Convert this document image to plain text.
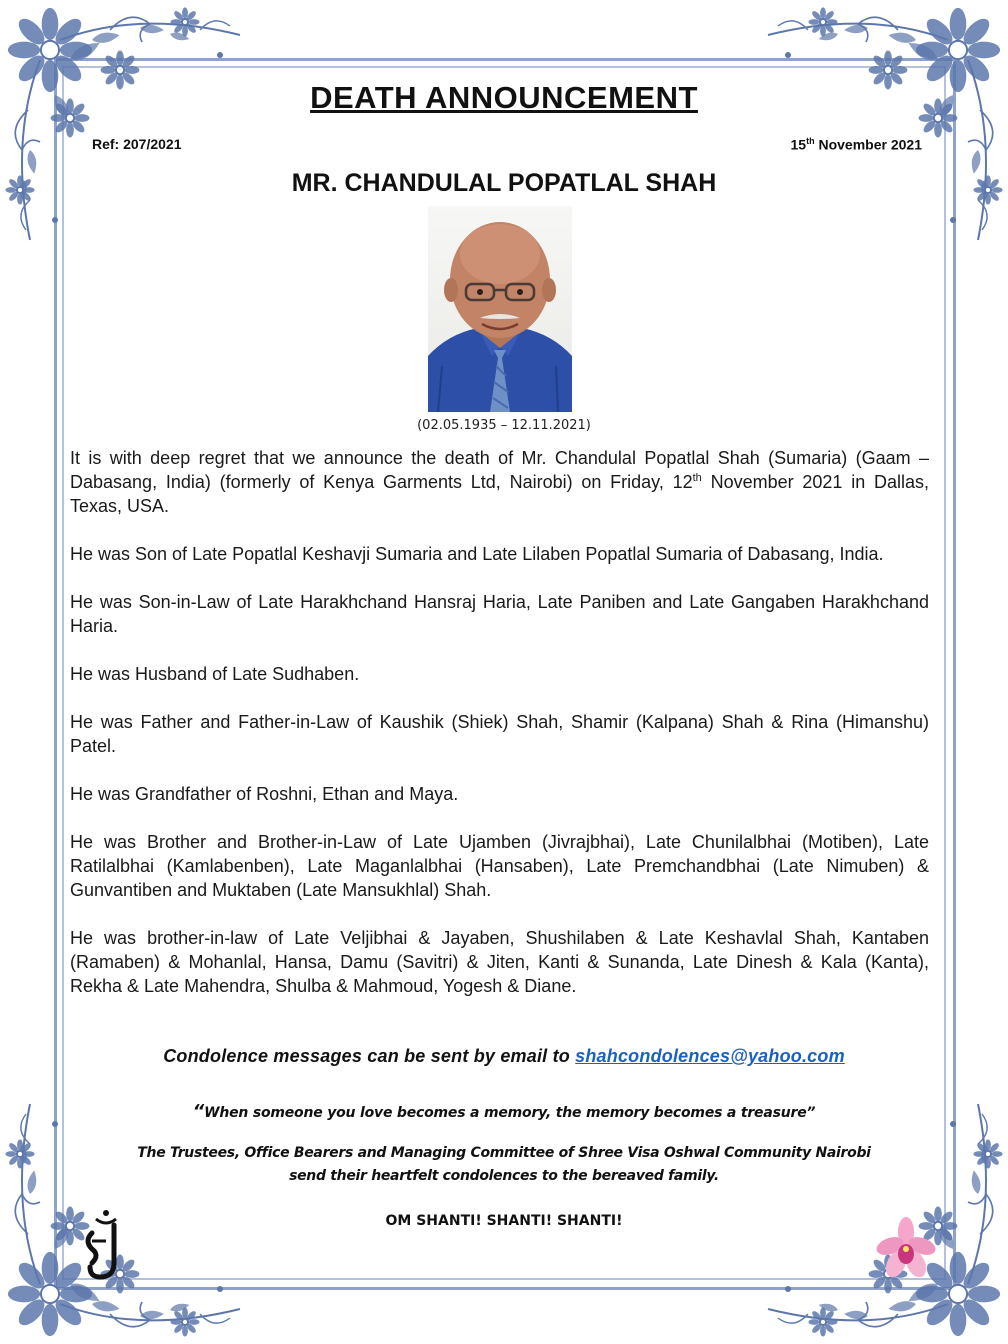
DEATH ANNOUNCEMENT
Ref: 207/2021	15th November 2021
MR. CHANDULAL POPATLAL SHAH
(02.05.1935 – 12.11.2021)

It is with deep regret that we announce the death of Mr. Chandulal Popatlal Shah (Sumaria) (Gaam – Dabasang, India) (formerly of Kenya Garments Ltd, Nairobi) on Friday, 12th November 2021 in Dallas, Texas, USA.

He was Son of Late Popatlal Keshavji Sumaria and Late Lilaben Popatlal Sumaria of Dabasang, India.

He was Son-in-Law of Late Harakhchand Hansraj Haria, Late Paniben and Late Gangaben Harakhchand Haria.

He was Husband of Late Sudhaben.

He was Father and Father-in-Law of Kaushik (Shiek) Shah, Shamir (Kalpana) Shah & Rina (Himanshu) Patel.

He was Grandfather of Roshni, Ethan and Maya.

He was Brother and Brother-in-Law of Late Ujamben (Jivrajbhai), Late Chunilalbhai (Motiben), Late Ratilalbhai (Kamlabenben), Late Maganlalbhai (Hansaben), Late Premchandbhai (Late Nimuben) & Gunvantiben and Muktaben (Late Mansukhlal) Shah.

He was brother-in-law of Late Veljibhai & Jayaben, Shushilaben & Late Keshavlal Shah, Kantaben (Ramaben) & Mohanlal, Hansa, Damu (Savitri) & Jiten, Kanti & Sunanda, Late Dinesh & Kala (Kanta), Rekha & Late Mahendra, Shulba & Mahmoud, Yogesh & Diane.

Condolence messages can be sent by email to shahcondolences@yahoo.com
“When someone you love becomes a memory, the memory becomes a treasure”
The Trustees, Office Bearers and Managing Committee of Shree Visa Oshwal Community Nairobi
send their heartfelt condolences to the bereaved family.
OM SHANTI! SHANTI! SHANTI!
